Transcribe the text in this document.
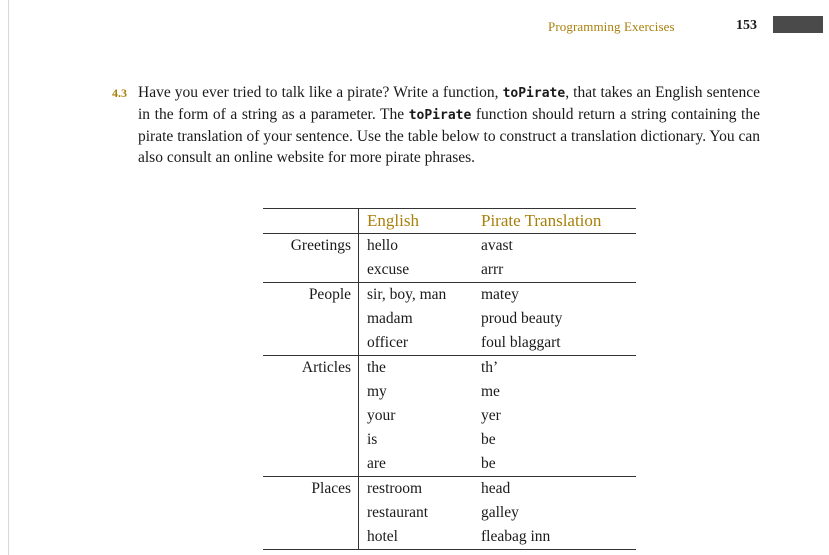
Programming Exercises	153
4.3 Have you ever tried to talk like a pirate? Write a function, toPirate, that takes an English sentence in the form of a string as a parameter. The toPirate function should return a string containing the pirate translation of your sentence. Use the table below to construct a translation dictionary. You can also consult an online website for more pirate phrases.
	English	Pirate Translation
Greetings	hello	avast
	excuse	arrr
People	sir, boy, man	matey
	madam	proud beauty
	officer	foul blaggart
Articles	the	th’
	my	me
	your	yer
	is	be
	are	be
Places	restroom	head
	restaurant	galley
	hotel	fleabag inn
